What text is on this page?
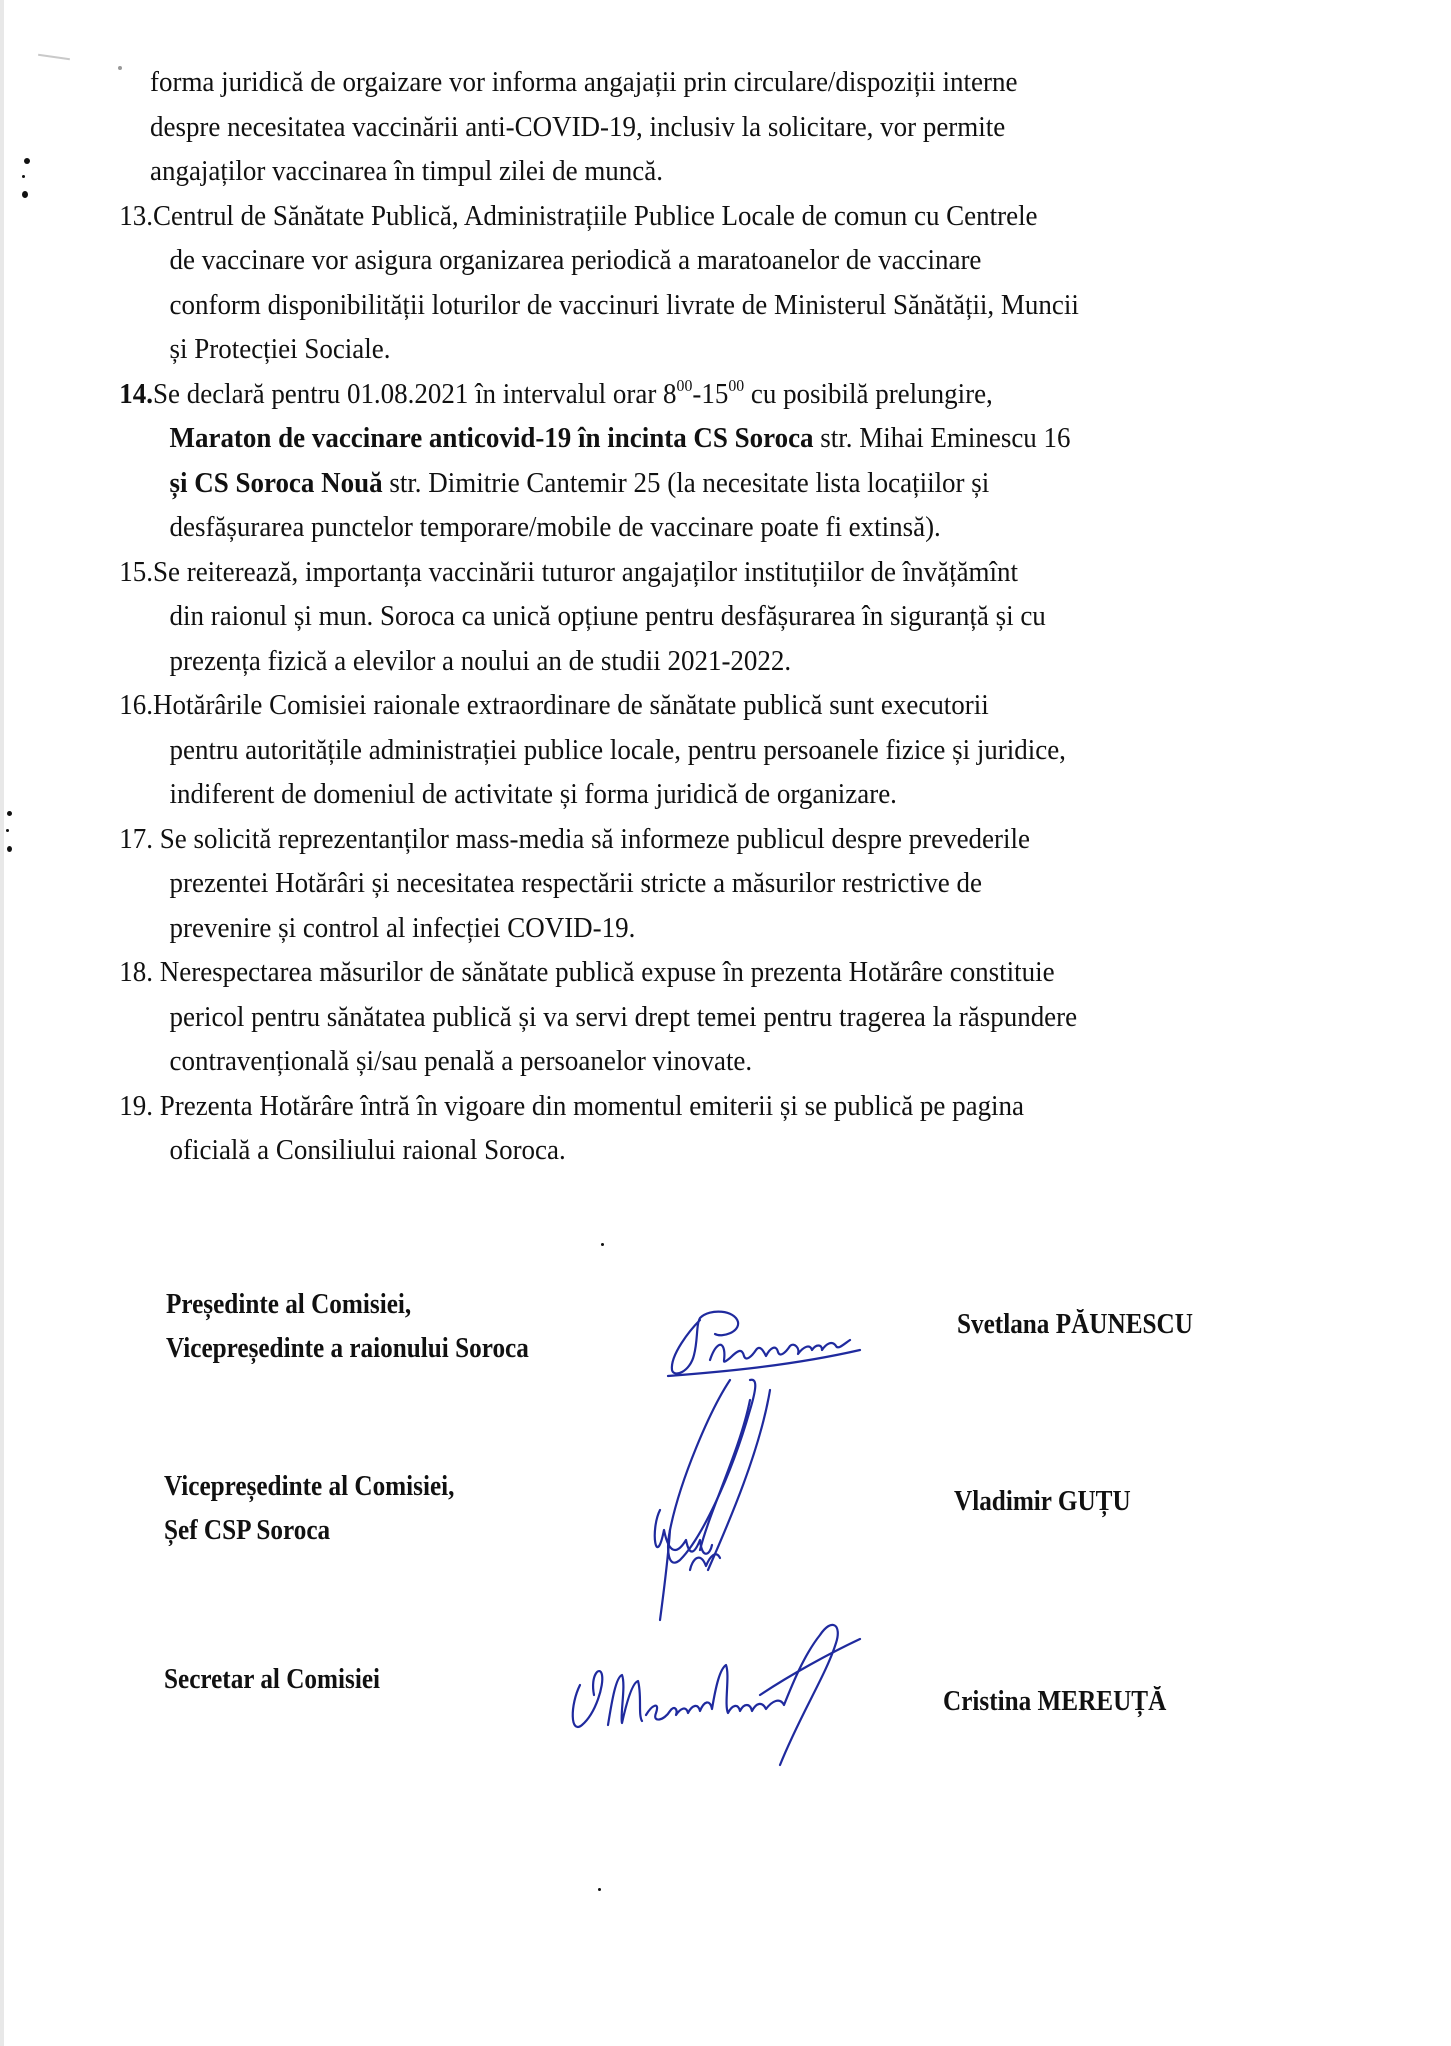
forma juridică de orgaizare vor informa angajații prin circulare/dispoziții interne
despre necesitatea vaccinării anti-COVID-19, inclusiv la solicitare, vor permite
angajaților vaccinarea în timpul zilei de muncă.
13.Centrul de Sănătate Publică, Administrațiile Publice Locale de comun cu Centrele
de vaccinare vor asigura organizarea periodică a maratoanelor de vaccinare
conform disponibilității loturilor de vaccinuri livrate de Ministerul Sănătății, Muncii
și Protecției Sociale.
14.Se declară pentru 01.08.2021 în intervalul orar $8^{00}-15^{00}$ cu posibilă prelungire,
Maraton de vaccinare anticovid-19 în incinta CS Soroca str. Mihai Eminescu 16
și CS Soroca Nouă str. Dimitrie Cantemir 25 (la necesitate lista locațiilor și
desfășurarea punctelor temporare/mobile de vaccinare poate fi extinsă).
15.Se reiterează, importanța vaccinării tuturor angajaților instituțiilor de învățămînt
din raionul și mun. Soroca ca unică opțiune pentru desfășurarea în siguranță și cu
prezența fizică a elevilor a noului an de studii 2021-2022.
16.Hotărârile Comisiei raionale extraordinare de sănătate publică sunt executorii
pentru autoritățile administrației publice locale, pentru persoanele fizice și juridice,
indiferent de domeniul de activitate și forma juridică de organizare.
17. Se solicită reprezentanților mass-media să informeze publicul despre prevederile
prezentei Hotărâri și necesitatea respectării stricte a măsurilor restrictive de
prevenire și control al infecției COVID-19.
18. Nerespectarea măsurilor de sănătate publică expuse în prezenta Hotărâre constituie
pericol pentru sănătatea publică și va servi drept temei pentru tragerea la răspundere
contravențională și/sau penală a persoanelor vinovate.
19. Prezenta Hotărâre întră în vigoare din momentul emiterii și se publică pe pagina
oficială a Consiliului raional Soroca.
Președinte al Comisiei,
Vicepreședinte a raionului Soroca
Svetlana PĂUNESCU
Vicepreședinte al Comisiei,
Șef CSP Soroca
Vladimir GUȚU
Secretar al Comisiei
Cristina MEREUȚĂ
